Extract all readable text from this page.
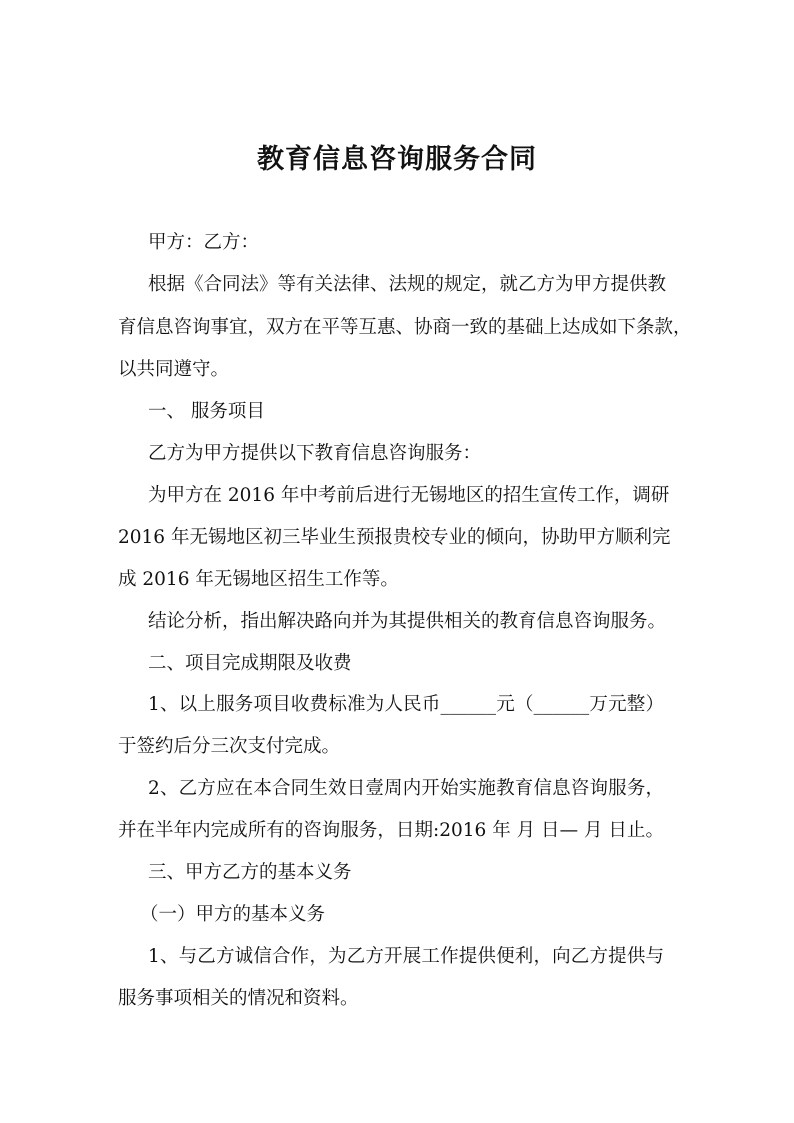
教育信息咨询服务合同
甲方：乙方：
根据《合同法》等有关法律、法规的规定，就乙方为甲方提供教
育信息咨询事宜，双方在平等互惠、协商一致的基础上达成如下条款，
以共同遵守。
一、 服务项目
乙方为甲方提供以下教育信息咨询服务：
为甲方在 2016 年中考前后进行无锡地区的招生宣传工作，调研
2016 年无锡地区初三毕业生预报贵校专业的倾向，协助甲方顺利完
成 2016 年无锡地区招生工作等。
结论分析，指出解决路向并为其提供相关的教育信息咨询服务。
二、项目完成期限及收费
1、以上服务项目收费标准为人民币______元（______万元整）
于签约后分三次支付完成。
2、乙方应在本合同生效日壹周内开始实施教育信息咨询服务，
并在半年内完成所有的咨询服务，日期:2016 年 月 日— 月 日止。
三、甲方乙方的基本义务
（一）甲方的基本义务
1、与乙方诚信合作，为乙方开展工作提供便利，向乙方提供与
服务事项相关的情况和资料。
